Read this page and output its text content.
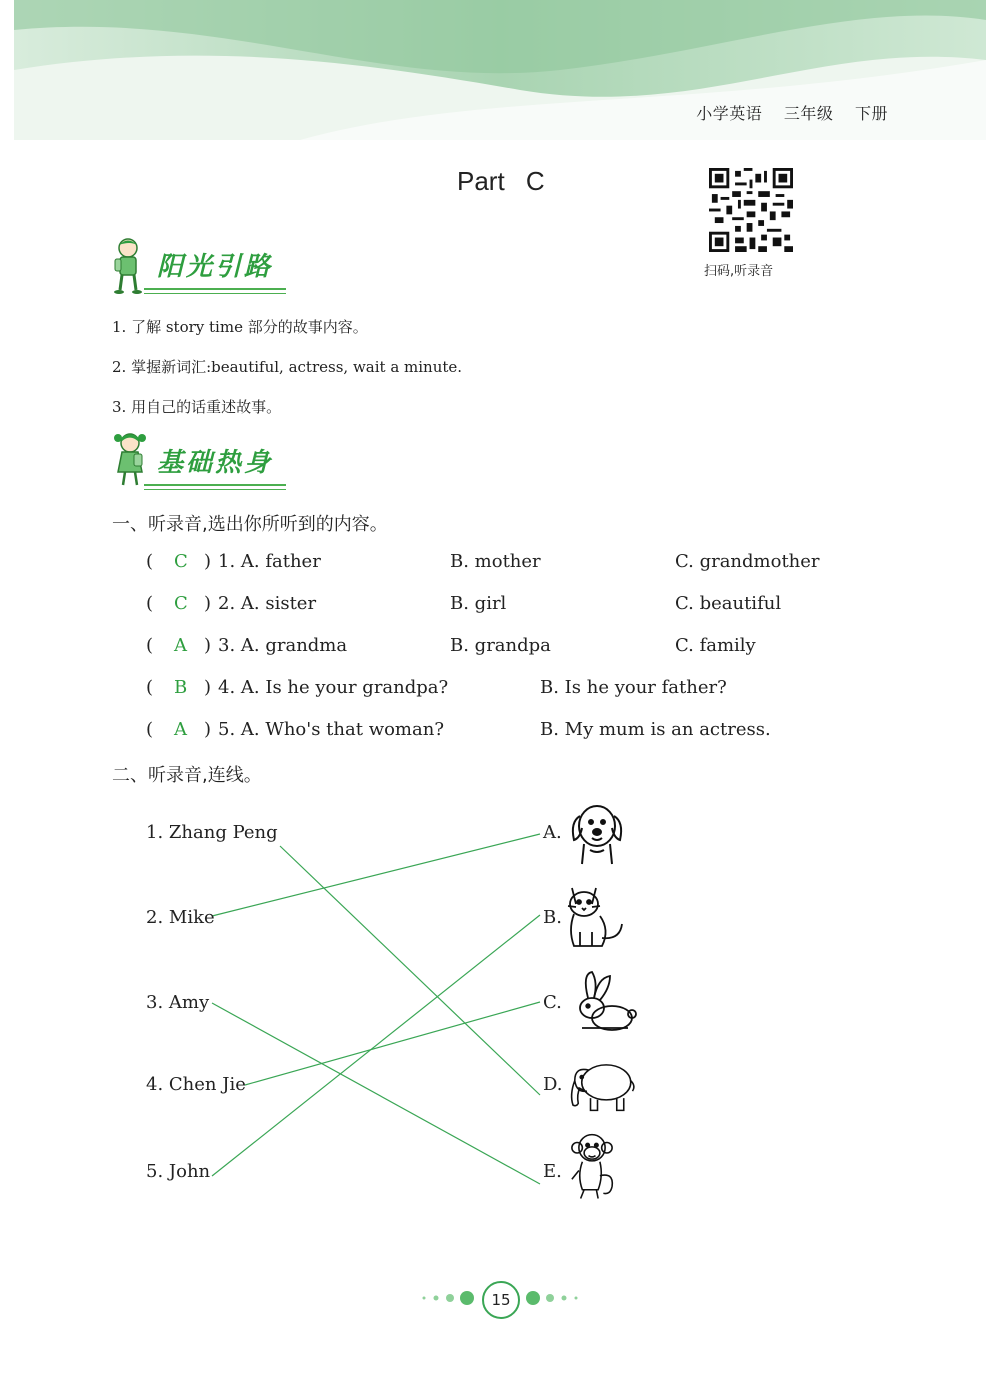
小学英语 三年级 下册
Part C
扫码,听录音
阳光引路
1. 了解 story time 部分的故事内容。
2. 掌握新词汇:beautiful, actress, wait a minute.
3. 用自己的话重述故事。
基础热身
一、听录音,选出你所听到的内容。
( C ) 1. A. father	B. mother	C. grandmother
( C ) 2. A. sister	B. girl	C. beautiful
( A ) 3. A. grandma	B. grandpa	C. family
( B ) 4. A. Is he your grandpa?	B. Is he your father?
( A ) 5. A. Who's that woman?	B. My mum is an actress.
二、听录音,连线。
1. Zhang Peng
2. Mike
3. Amy
4. Chen Jie
5. John
A.
B.
C.
D.
E.
15
